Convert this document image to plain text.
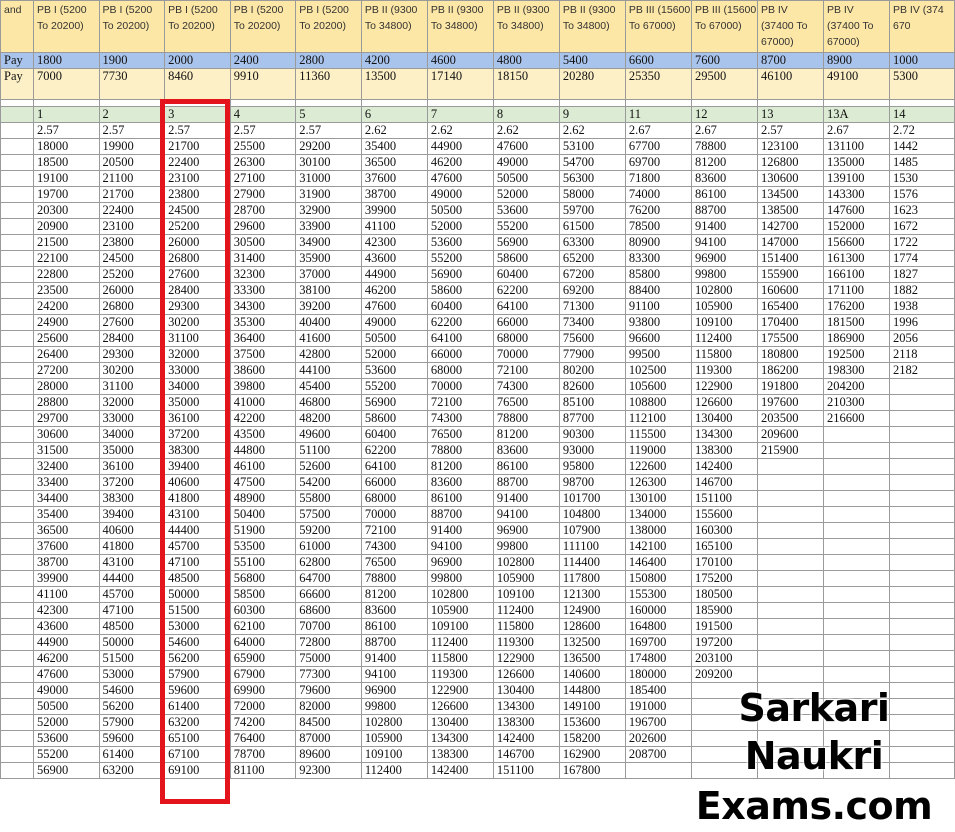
and	PB I (5200 To 20200)	PB I (5200 To 20200)	PB I (5200 To 20200)	PB I (5200 To 20200)	PB I (5200 To 20200)	PB II (9300 To 34800)	PB II (9300 To 34800)	PB II (9300 To 34800)	PB II (9300 To 34800)	PB III (15600 To 67000)	PB III (15600 To 67000)	PB IV (37400 To 67000)	PB IV (37400 To 67000)	PB IV (374 670
Pay	1800	1900	2000	2400	2800	4200	4600	4800	5400	6600	7600	8700	8900	1000
Pay	7000	7730	8460	9910	11360	13500	17140	18150	20280	25350	29500	46100	49100	5300

	1	2	3	4	5	6	7	8	9	11	12	13	13A	14
	2.57	2.57	2.57	2.57	2.57	2.62	2.62	2.62	2.62	2.67	2.67	2.57	2.67	2.72
	18000	19900	21700	25500	29200	35400	44900	47600	53100	67700	78800	123100	131100	1442
	18500	20500	22400	26300	30100	36500	46200	49000	54700	69700	81200	126800	135000	1485
	19100	21100	23100	27100	31000	37600	47600	50500	56300	71800	83600	130600	139100	1530
	19700	21700	23800	27900	31900	38700	49000	52000	58000	74000	86100	134500	143300	1576
	20300	22400	24500	28700	32900	39900	50500	53600	59700	76200	88700	138500	147600	1623
	20900	23100	25200	29600	33900	41100	52000	55200	61500	78500	91400	142700	152000	1672
	21500	23800	26000	30500	34900	42300	53600	56900	63300	80900	94100	147000	156600	1722
	22100	24500	26800	31400	35900	43600	55200	58600	65200	83300	96900	151400	161300	1774
	22800	25200	27600	32300	37000	44900	56900	60400	67200	85800	99800	155900	166100	1827
	23500	26000	28400	33300	38100	46200	58600	62200	69200	88400	102800	160600	171100	1882
	24200	26800	29300	34300	39200	47600	60400	64100	71300	91100	105900	165400	176200	1938
	24900	27600	30200	35300	40400	49000	62200	66000	73400	93800	109100	170400	181500	1996
	25600	28400	31100	36400	41600	50500	64100	68000	75600	96600	112400	175500	186900	2056
	26400	29300	32000	37500	42800	52000	66000	70000	77900	99500	115800	180800	192500	2118
	27200	30200	33000	38600	44100	53600	68000	72100	80200	102500	119300	186200	198300	2182
	28000	31100	34000	39800	45400	55200	70000	74300	82600	105600	122900	191800	204200	
	28800	32000	35000	41000	46800	56900	72100	76500	85100	108800	126600	197600	210300	
	29700	33000	36100	42200	48200	58600	74300	78800	87700	112100	130400	203500	216600	
	30600	34000	37200	43500	49600	60400	76500	81200	90300	115500	134300	209600		
	31500	35000	38300	44800	51100	62200	78800	83600	93000	119000	138300	215900		
	32400	36100	39400	46100	52600	64100	81200	86100	95800	122600	142400			
	33400	37200	40600	47500	54200	66000	83600	88700	98700	126300	146700			
	34400	38300	41800	48900	55800	68000	86100	91400	101700	130100	151100			
	35400	39400	43100	50400	57500	70000	88700	94100	104800	134000	155600			
	36500	40600	44400	51900	59200	72100	91400	96900	107900	138000	160300			
	37600	41800	45700	53500	61000	74300	94100	99800	111100	142100	165100			
	38700	43100	47100	55100	62800	76500	96900	102800	114400	146400	170100			
	39900	44400	48500	56800	64700	78800	99800	105900	117800	150800	175200			
	41100	45700	50000	58500	66600	81200	102800	109100	121300	155300	180500			
	42300	47100	51500	60300	68600	83600	105900	112400	124900	160000	185900			
	43600	48500	53000	62100	70700	86100	109100	115800	128600	164800	191500			
	44900	50000	54600	64000	72800	88700	112400	119300	132500	169700	197200			
	46200	51500	56200	65900	75000	91400	115800	122900	136500	174800	203100			
	47600	53000	57900	67900	77300	94100	119300	126600	140600	180000	209200			
	49000	54600	59600	69900	79600	96900	122900	130400	144800	185400				
	50500	56200	61400	72000	82000	99800	126600	134300	149100	191000				
	52000	57900	63200	74200	84500	102800	130400	138300	153600	196700				
	53600	59600	65100	76400	87000	105900	134300	142400	158200	202600				
	55200	61400	67100	78700	89600	109100	138300	146700	162900	208700				
	56900	63200	69100	81100	92300	112400	142400	151100	167800					
Sarkari Naukri
Exams.com
